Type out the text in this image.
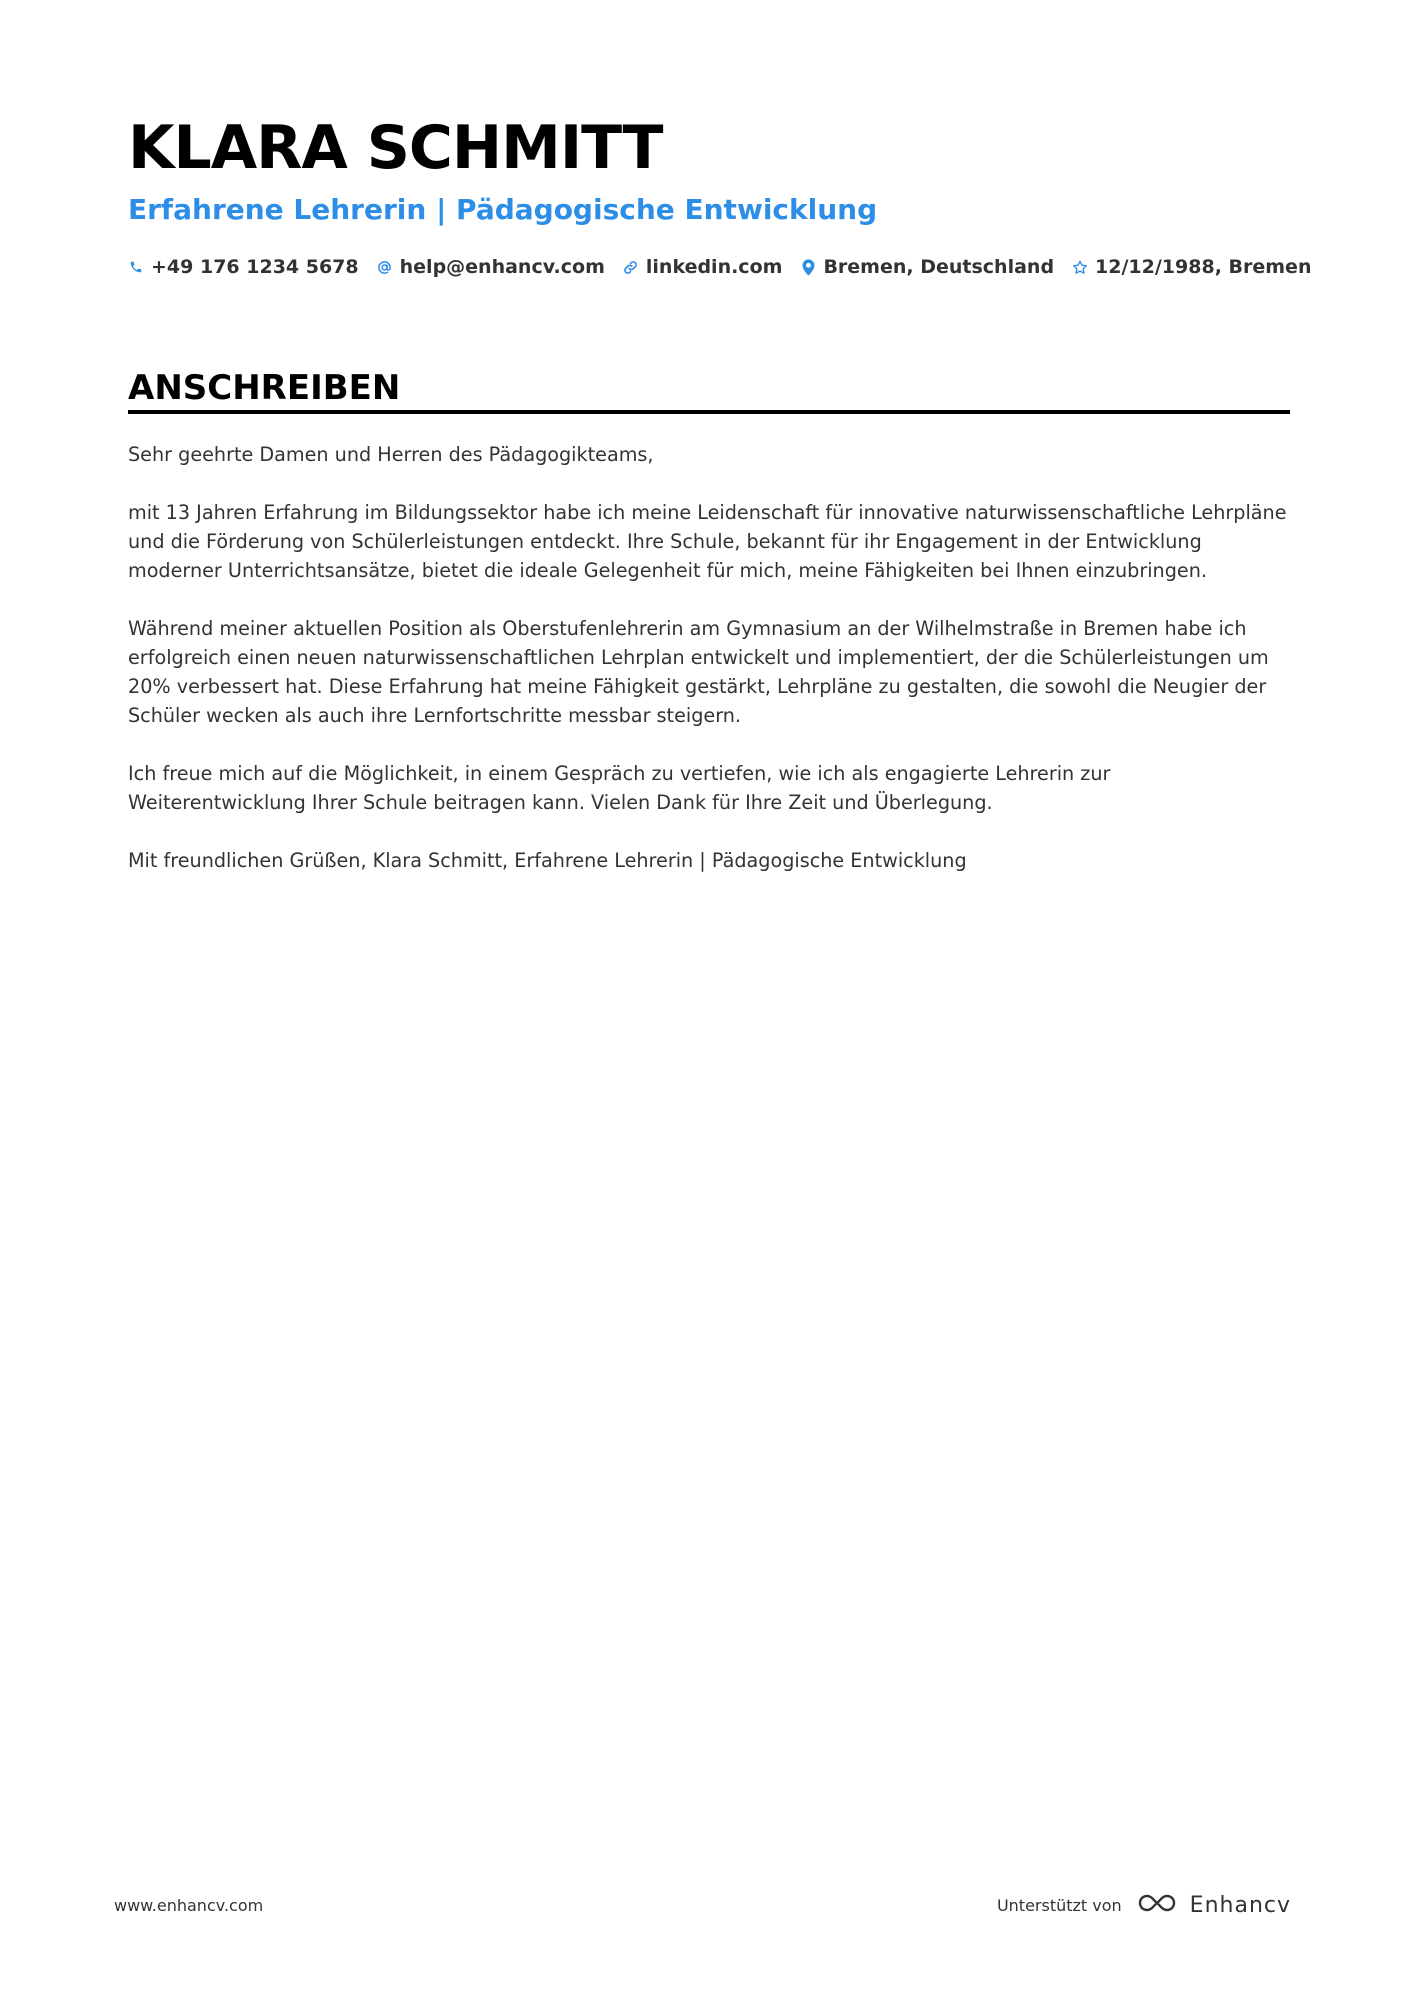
KLARA SCHMITT
Erfahrene Lehrerin | Pädagogische Entwicklung
+49 176 1234 5678 help@enhancv.com linkedin.com Bremen, Deutschland 12/12/1988, Bremen
ANSCHREIBEN

Sehr geehrte Damen und Herren des Pädagogikteams,

mit 13 Jahren Erfahrung im Bildungssektor habe ich meine Leidenschaft für innovative naturwissenschaftliche Lehrpläne und die Förderung von Schülerleistungen entdeckt. Ihre Schule, bekannt für ihr Engagement in der Entwicklung moderner Unterrichtsansätze, bietet die ideale Gelegenheit für mich, meine Fähigkeiten bei Ihnen einzubringen.

Während meiner aktuellen Position als Oberstufenlehrerin am Gymnasium an der Wilhelmstraße in Bremen habe ich erfolgreich einen neuen naturwissenschaftlichen Lehrplan entwickelt und implementiert, der die Schülerleistungen um 20% verbessert hat. Diese Erfahrung hat meine Fähigkeit gestärkt, Lehrpläne zu gestalten, die sowohl die Neugier der Schüler wecken als auch ihre Lernfortschritte messbar steigern.

Ich freue mich auf die Möglichkeit, in einem Gespräch zu vertiefen, wie ich als engagierte Lehrerin zur Weiterentwicklung Ihrer Schule beitragen kann. Vielen Dank für Ihre Zeit und Überlegung.

Mit freundlichen Grüßen, Klara Schmitt, Erfahrene Lehrerin | Pädagogische Entwicklung

www.enhancv.com	Unterstützt von	Enhancv
